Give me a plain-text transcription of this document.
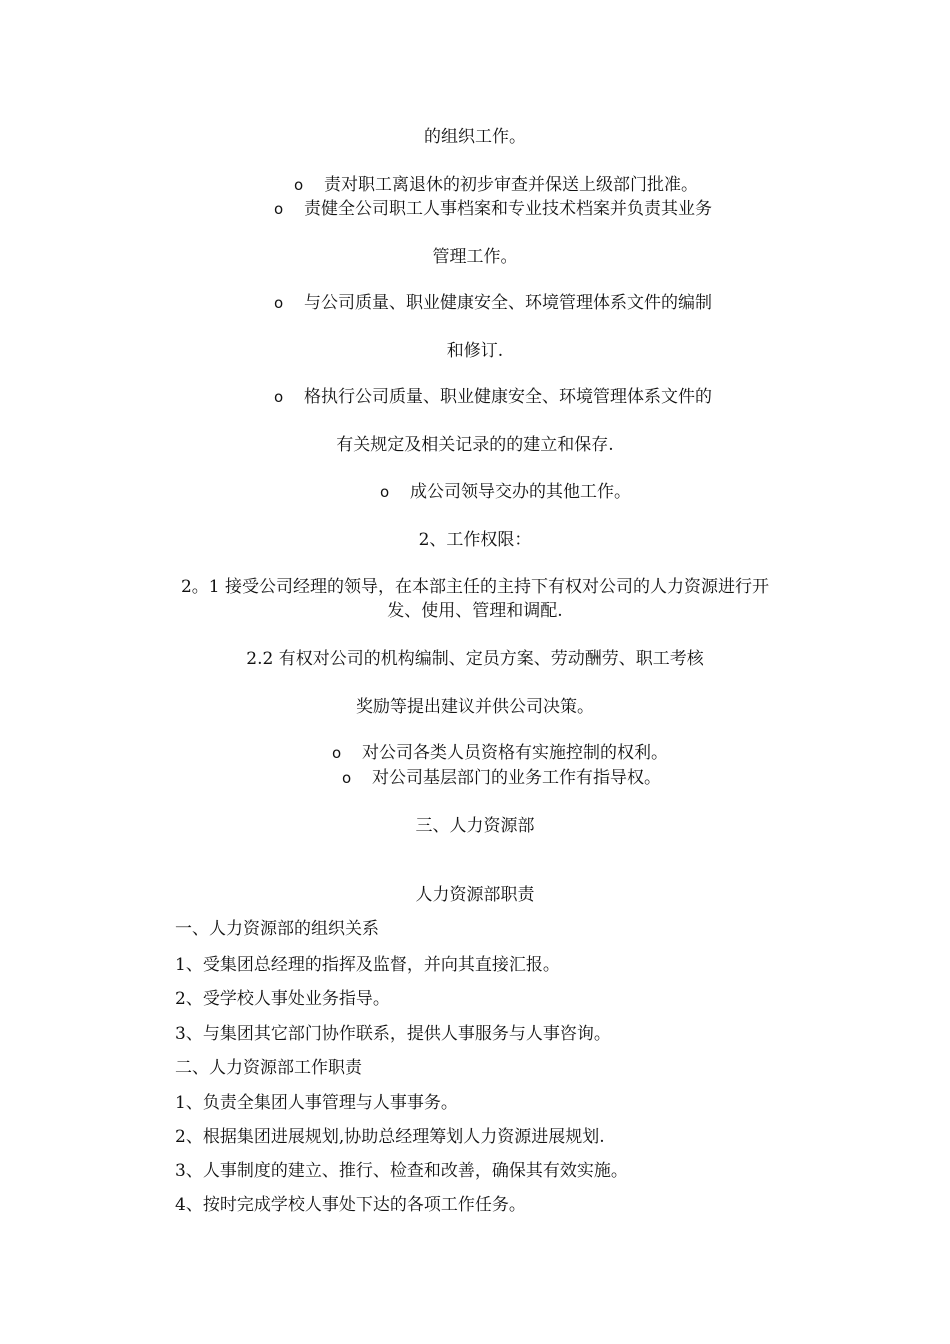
的组织工作。
o 责对职工离退休的初步审查并保送上级部门批准。
o 责健全公司职工人事档案和专业技术档案并负责其业务
管理工作。
o 与公司质量、职业健康安全、环境管理体系文件的编制
和修订.
o 格执行公司质量、职业健康安全、环境管理体系文件的
有关规定及相关记录的的建立和保存.
o 成公司领导交办的其他工作。
2、工作权限：
2。1 接受公司经理的领导，在本部主任的主持下有权对公司的人力资源进行开
发、使用、管理和调配.
2.2 有权对公司的机构编制、定员方案、劳动酬劳、职工考核
奖励等提出建议并供公司决策。
o 对公司各类人员资格有实施控制的权利。
o 对公司基层部门的业务工作有指导权。
三、人力资源部
人力资源部职责
一、人力资源部的组织关系
1、受集团总经理的指挥及监督，并向其直接汇报。
2、受学校人事处业务指导。
3、与集团其它部门协作联系，提供人事服务与人事咨询。
二、人力资源部工作职责
1、负责全集团人事管理与人事事务。
2、根据集团进展规划,协助总经理筹划人力资源进展规划.
3、人事制度的建立、推行、检查和改善，确保其有效实施。
4、按时完成学校人事处下达的各项工作任务。
